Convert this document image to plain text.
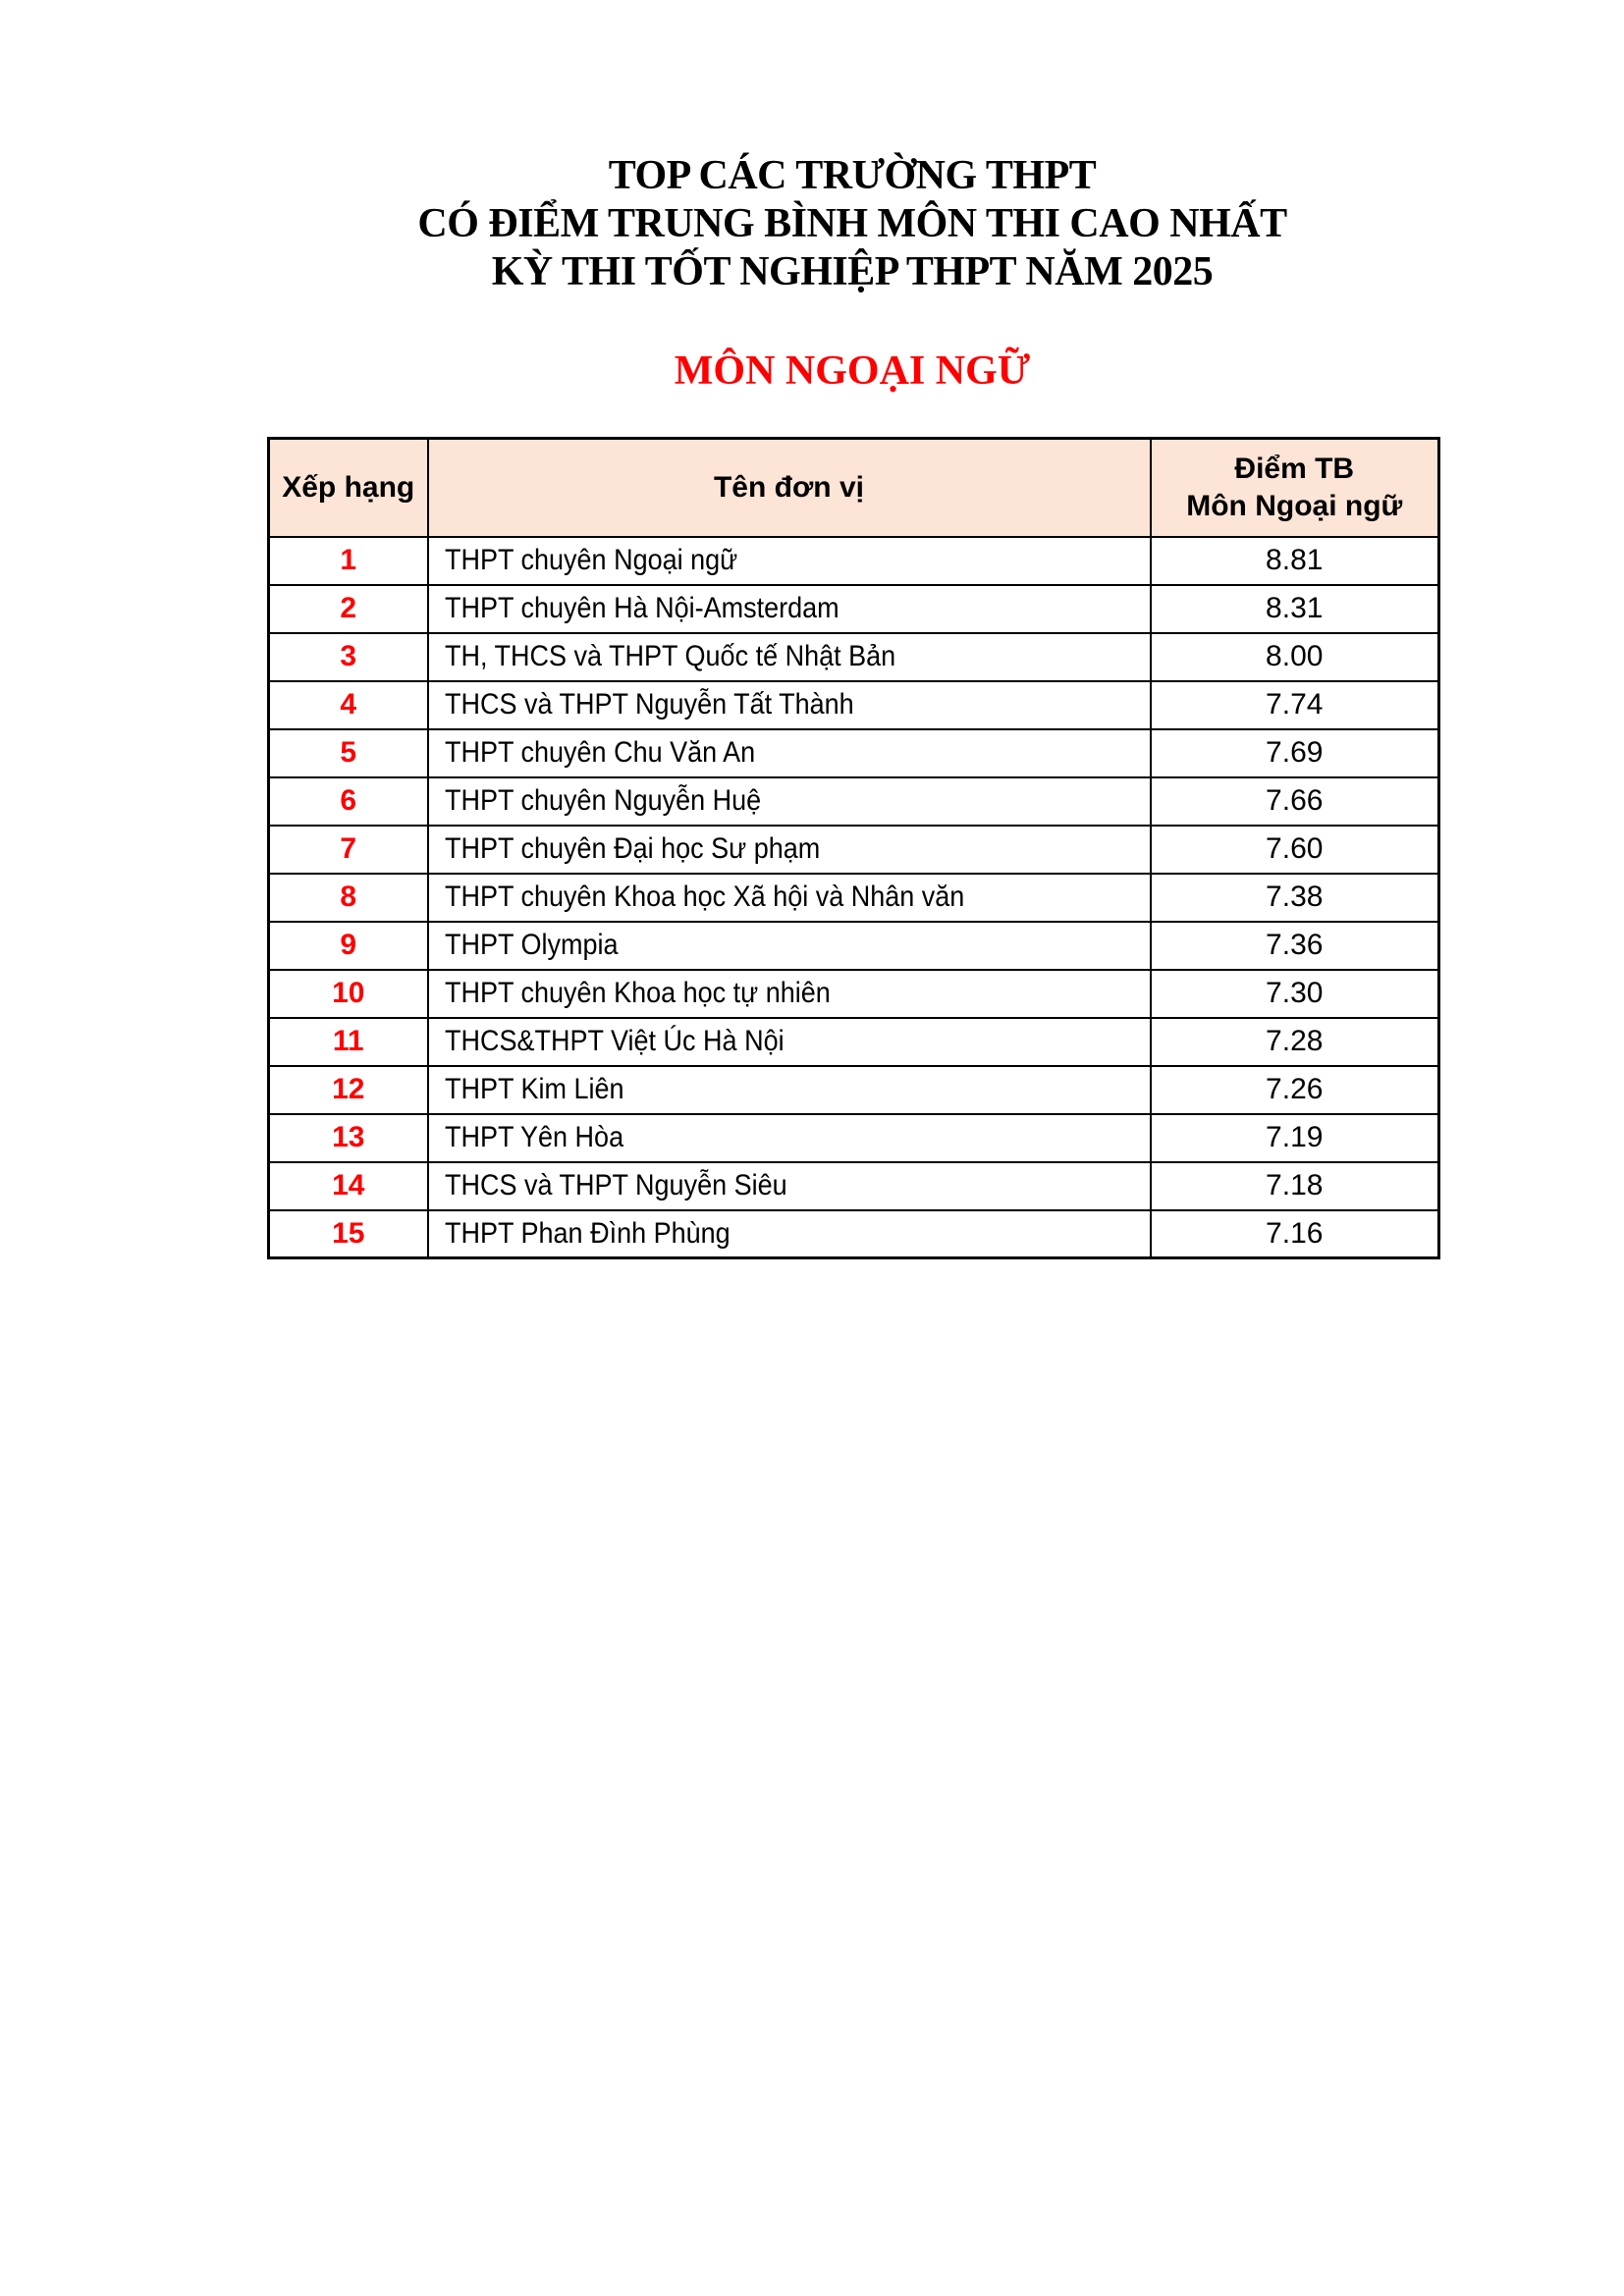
TOP CÁC TRƯỜNG THPT
CÓ ĐIỂM TRUNG BÌNH MÔN THI CAO NHẤT
KỲ THI TỐT NGHIỆP THPT NĂM 2025
MÔN NGOẠI NGỮ
Xếp hạng	Tên đơn vị	Điểm TB
Môn Ngoại ngữ

1	THPT chuyên Ngoại ngữ	8.81
2	THPT chuyên Hà Nội-Amsterdam	8.31
3	TH, THCS và THPT Quốc tế Nhật Bản	8.00
4	THCS và THPT Nguyễn Tất Thành	7.74
5	THPT chuyên Chu Văn An	7.69
6	THPT chuyên Nguyễn Huệ	7.66
7	THPT chuyên Đại học Sư phạm	7.60
8	THPT chuyên Khoa học Xã hội và Nhân văn	7.38
9	THPT Olympia	7.36
10	THPT chuyên Khoa học tự nhiên	7.30
11	THCS&THPT Việt Úc Hà Nội	7.28
12	THPT Kim Liên	7.26
13	THPT Yên Hòa	7.19
14	THCS và THPT Nguyễn Siêu	7.18
15	THPT Phan Đình Phùng	7.16
